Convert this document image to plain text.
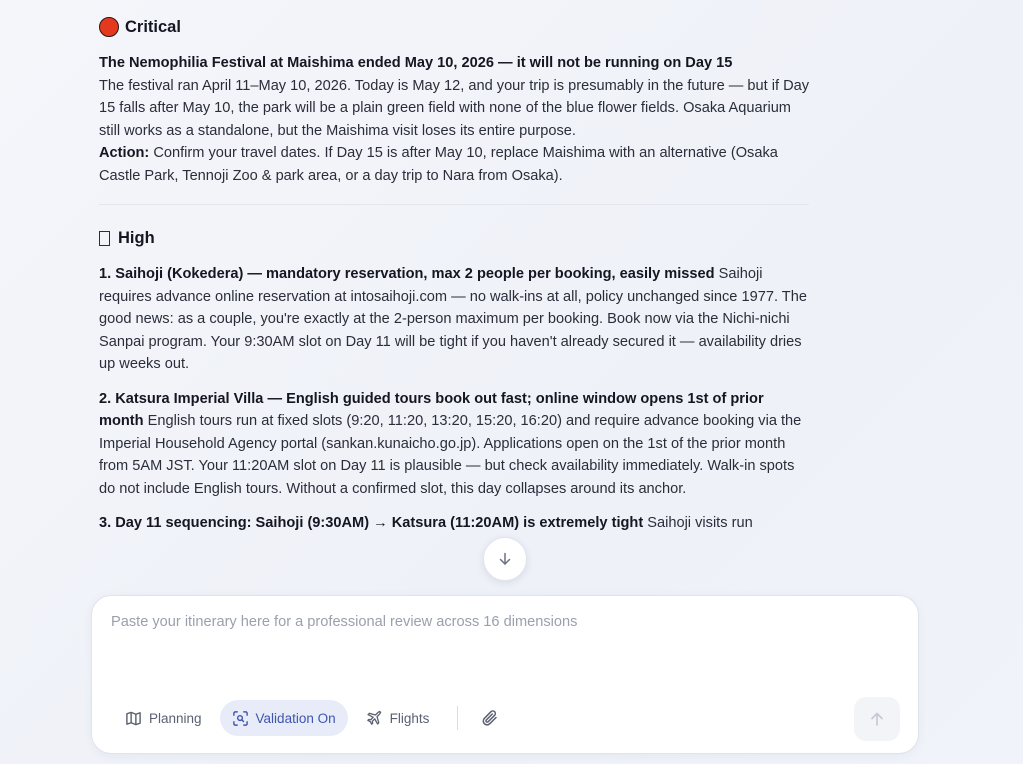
Critical
The Nemophilia Festival at Maishima ended May 10, 2026 — it will not be running on Day 15
The festival ran April 11–May 10, 2026. Today is May 12, and your trip is presumably in the future — but if Day 15 falls after May 10, the park will be a plain green field with none of the blue flower fields. Osaka Aquarium still works as a standalone, but the Maishima visit loses its entire purpose.
Action: Confirm your travel dates. If Day 15 is after May 10, replace Maishima with an alternative (Osaka Castle Park, Tennoji Zoo & park area, or a day trip to Nara from Osaka).
High
1. Saihoji (Kokedera) — mandatory reservation, max 2 people per booking, easily missed Saihoji requires advance online reservation at intosaihoji.com — no walk-ins at all, policy unchanged since 1977. The good news: as a couple, you're exactly at the 2-person maximum per booking. Book now via the Nichi-nichi Sanpai program. Your 9:30AM slot on Day 11 will be tight if you haven't already secured it — availability dries up weeks out.
2. Katsura Imperial Villa — English guided tours book out fast; online window opens 1st of prior month English tours run at fixed slots (9:20, 11:20, 13:20, 15:20, 16:20) and require advance booking via the Imperial Household Agency portal (sankan.kunaicho.go.jp). Applications open on the 1st of the prior month from 5AM JST. Your 11:20AM slot on Day 11 is plausible — but check availability immediately. Walk-in spots do not include English tours. Without a confirmed slot, this day collapses around its anchor.
3. Day 11 sequencing: Saihoji (9:30AM) → Katsura (11:20AM) is extremely tight Saihoji visits run
Paste your itinerary here for a professional review across 16 dimensions
Planning	Validation On	Flights
